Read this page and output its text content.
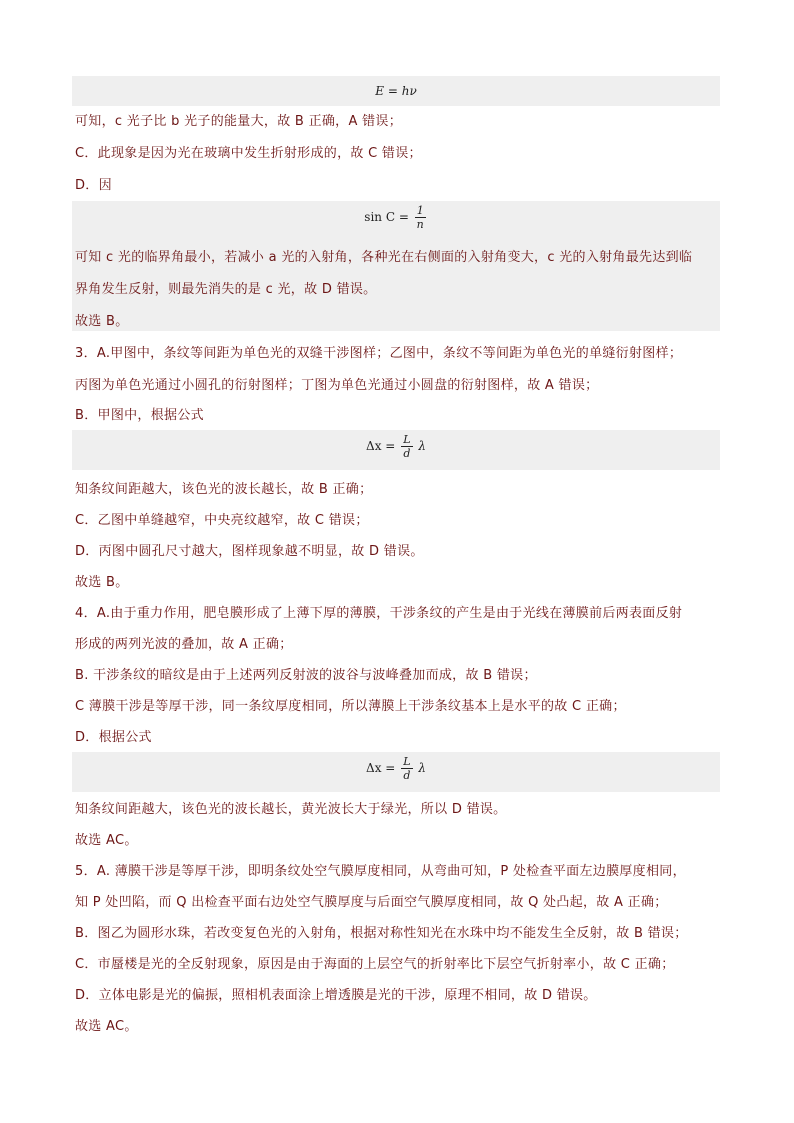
E = hν
可知，c 光子比 b 光子的能量大，故 B 正确，A 错误；
C．此现象是因为光在玻璃中发生折射形成的，故 C 错误；
D．因
$\sin C = \frac{1}{n}$
可知 c 光的临界角最小，若减小 a 光的入射角，各种光在右侧面的入射角变大，c 光的入射角最先达到临
界角发生反射，则最先消失的是 c 光，故 D 错误。
故选 B。
3．A.甲图中，条纹等间距为单色光的双缝干涉图样；乙图中，条纹不等间距为单色光的单缝衍射图样；
丙图为单色光通过小圆孔的衍射图样；丁图为单色光通过小圆盘的衍射图样，故 A 错误；
B．甲图中，根据公式
$\Delta x = \frac{L}{d}$ λ
知条纹间距越大，该色光的波长越长，故 B 正确；
C．乙图中单缝越窄，中央亮纹越窄，故 C 错误；
D．丙图中圆孔尺寸越大，图样现象越不明显，故 D 错误。
故选 B。
4．A.由于重力作用，肥皂膜形成了上薄下厚的薄膜，干涉条纹的产生是由于光线在薄膜前后两表面反射
形成的两列光波的叠加，故 A 正确；
B. 干涉条纹的暗纹是由于上述两列反射波的波谷与波峰叠加而成，故 B 错误；
C 薄膜干涉是等厚干涉，同一条纹厚度相同，所以薄膜上干涉条纹基本上是水平的故 C 正确；
D．根据公式
$\Delta x = \frac{L}{d}$ λ
知条纹间距越大，该色光的波长越长，黄光波长大于绿光，所以 D 错误。
故选 AC。
5．A. 薄膜干涉是等厚干涉，即明条纹处空气膜厚度相同，从弯曲可知，P 处检查平面左边膜厚度相同，
知 P 处凹陷，而 Q 出检查平面右边处空气膜厚度与后面空气膜厚度相同，故 Q 处凸起，故 A 正确；
B．图乙为圆形水珠，若改变复色光的入射角，根据对称性知光在水珠中均不能发生全反射，故 B 错误；
C．市蜃楼是光的全反射现象，原因是由于海面的上层空气的折射率比下层空气折射率小，故 C 正确；
D．立体电影是光的偏振，照相机表面涂上增透膜是光的干涉，原理不相同，故 D 错误。
故选 AC。
